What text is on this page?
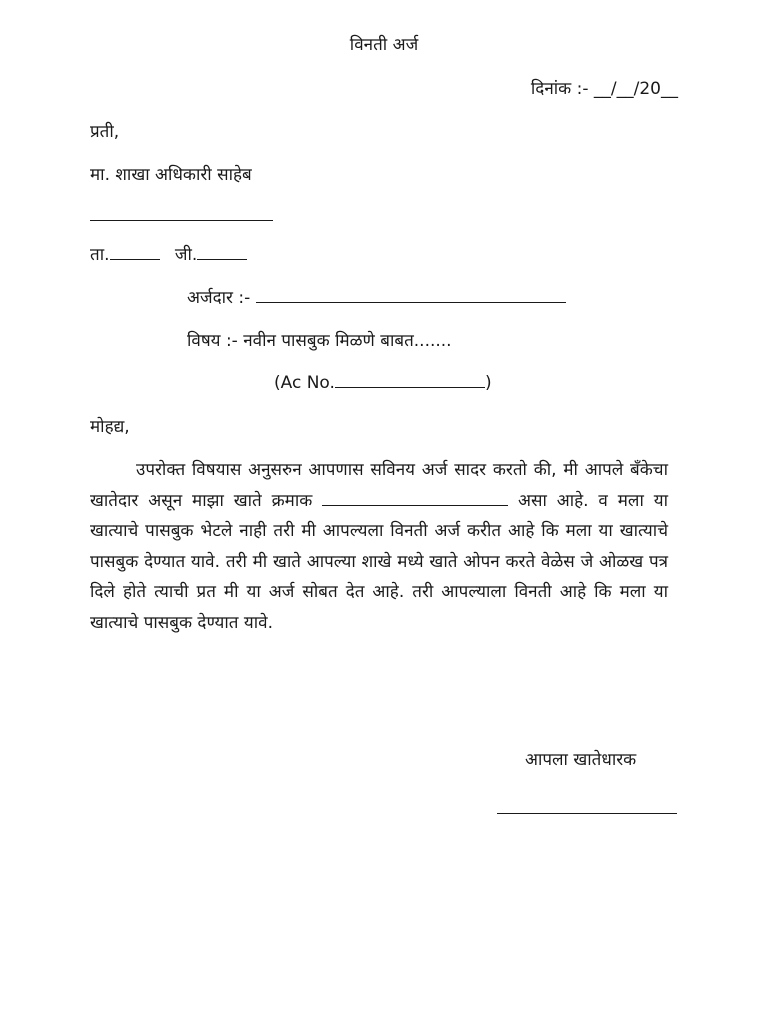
विनती अर्ज
दिनांक :- __/__/20__
प्रती,
मा. शाखा अधिकारी साहेब
ता.	जी.
अर्जदार :-
विषय :- नवीन पासबुक मिळणे बाबत.......
(Ac No.	)
मोहद्य,
उपरोक्त विषयास अनुसरुन आपणास सविनय अर्ज सादर करतो की, मी आपले बॅंकेचा खातेदार असून माझा खाते क्रमाक	असा आहे. व मला या खात्याचे पासबुक भेटले नाही तरी मी आपल्यला विनती अर्ज करीत आहे कि मला या खात्याचे पासबुक देण्यात यावे. तरी मी खाते आपल्या शाखे मध्ये खाते ओपन करते वेळेस जे ओळख पत्र दिले होते त्याची प्रत मी या अर्ज सोबत देत आहे. तरी आपल्याला विनती आहे कि मला या खात्याचे पासबुक देण्यात यावे.
आपला खातेधारक
